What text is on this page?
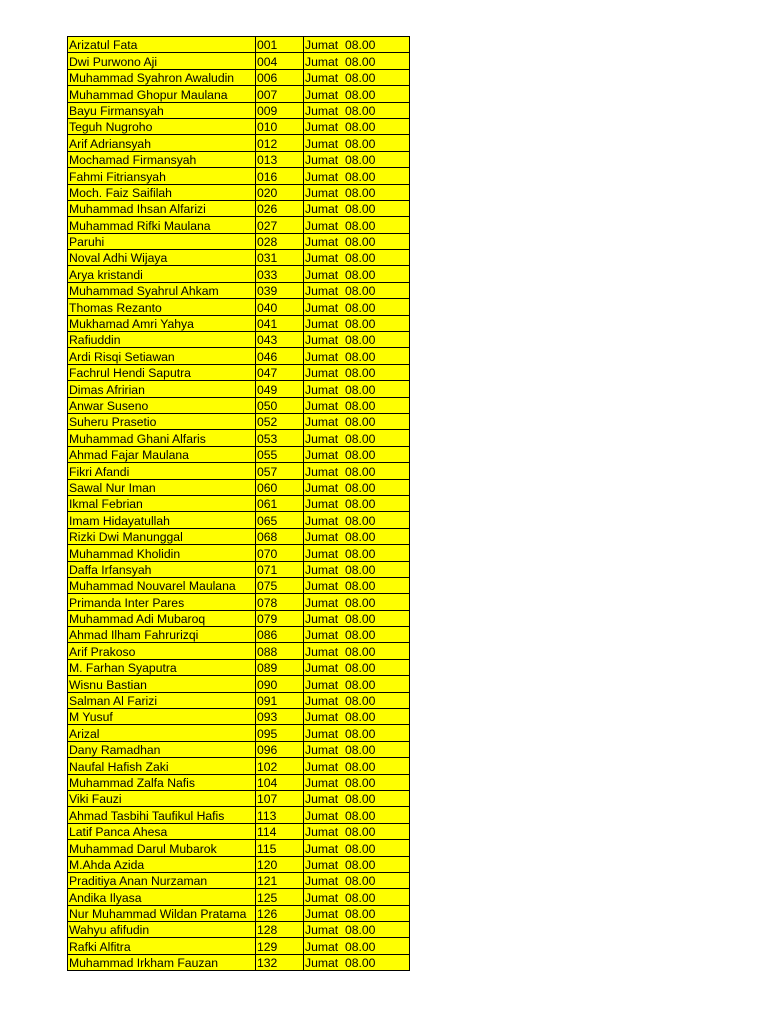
Arizatul Fata	001	Jumat  08.00
Dwi Purwono Aji	004	Jumat  08.00
Muhammad Syahron Awaludin	006	Jumat  08.00
Muhammad Ghopur Maulana	007	Jumat  08.00
Bayu Firmansyah	009	Jumat  08.00
Teguh Nugroho	010	Jumat  08.00
Arif Adriansyah	012	Jumat  08.00
Mochamad Firmansyah	013	Jumat  08.00
Fahmi Fitriansyah	016	Jumat  08.00
Moch. Faiz Saifilah	020	Jumat  08.00
Muhammad Ihsan Alfarizi	026	Jumat  08.00
Muhammad Rifki Maulana	027	Jumat  08.00
Paruhi	028	Jumat  08.00
Noval Adhi Wijaya	031	Jumat  08.00
Arya kristandi	033	Jumat  08.00
Muhammad Syahrul Ahkam	039	Jumat  08.00
Thomas Rezanto	040	Jumat  08.00
Mukhamad Amri Yahya	041	Jumat  08.00
Rafiuddin	043	Jumat  08.00
Ardi Risqi Setiawan	046	Jumat  08.00
Fachrul Hendi Saputra	047	Jumat  08.00
Dimas Afririan	049	Jumat  08.00
Anwar Suseno	050	Jumat  08.00
Suheru Prasetio	052	Jumat  08.00
Muhammad Ghani Alfaris	053	Jumat  08.00
Ahmad Fajar Maulana	055	Jumat  08.00
Fikri Afandi	057	Jumat  08.00
Sawal Nur Iman	060	Jumat  08.00
Ikmal Febrian	061	Jumat  08.00
Imam Hidayatullah	065	Jumat  08.00
Rizki Dwi Manunggal	068	Jumat  08.00
Muhammad Kholidin	070	Jumat  08.00
Daffa Irfansyah	071	Jumat  08.00
Muhammad Nouvarel Maulana	075	Jumat  08.00
Primanda Inter Pares	078	Jumat  08.00
Muhammad Adi Mubaroq	079	Jumat  08.00
Ahmad Ilham Fahrurizqi	086	Jumat  08.00
Arif Prakoso	088	Jumat  08.00
M. Farhan Syaputra	089	Jumat  08.00
Wisnu Bastian	090	Jumat  08.00
Salman Al Farizi	091	Jumat  08.00
M Yusuf	093	Jumat  08.00
Arizal	095	Jumat  08.00
Dany Ramadhan	096	Jumat  08.00
Naufal Hafish Zaki	102	Jumat  08.00
Muhammad Zalfa Nafis	104	Jumat  08.00
Viki Fauzi	107	Jumat  08.00
Ahmad Tasbihi Taufikul Hafis	113	Jumat  08.00
Latif Panca Ahesa	114	Jumat  08.00
Muhammad Darul Mubarok	115	Jumat  08.00
M.Ahda Azida	120	Jumat  08.00
Praditiya Anan Nurzaman	121	Jumat  08.00
Andika Ilyasa	125	Jumat  08.00
Nur Muhammad Wildan Pratama	126	Jumat  08.00
Wahyu afifudin	128	Jumat  08.00
Rafki Alfitra	129	Jumat  08.00
Muhammad Irkham Fauzan	132	Jumat  08.00
